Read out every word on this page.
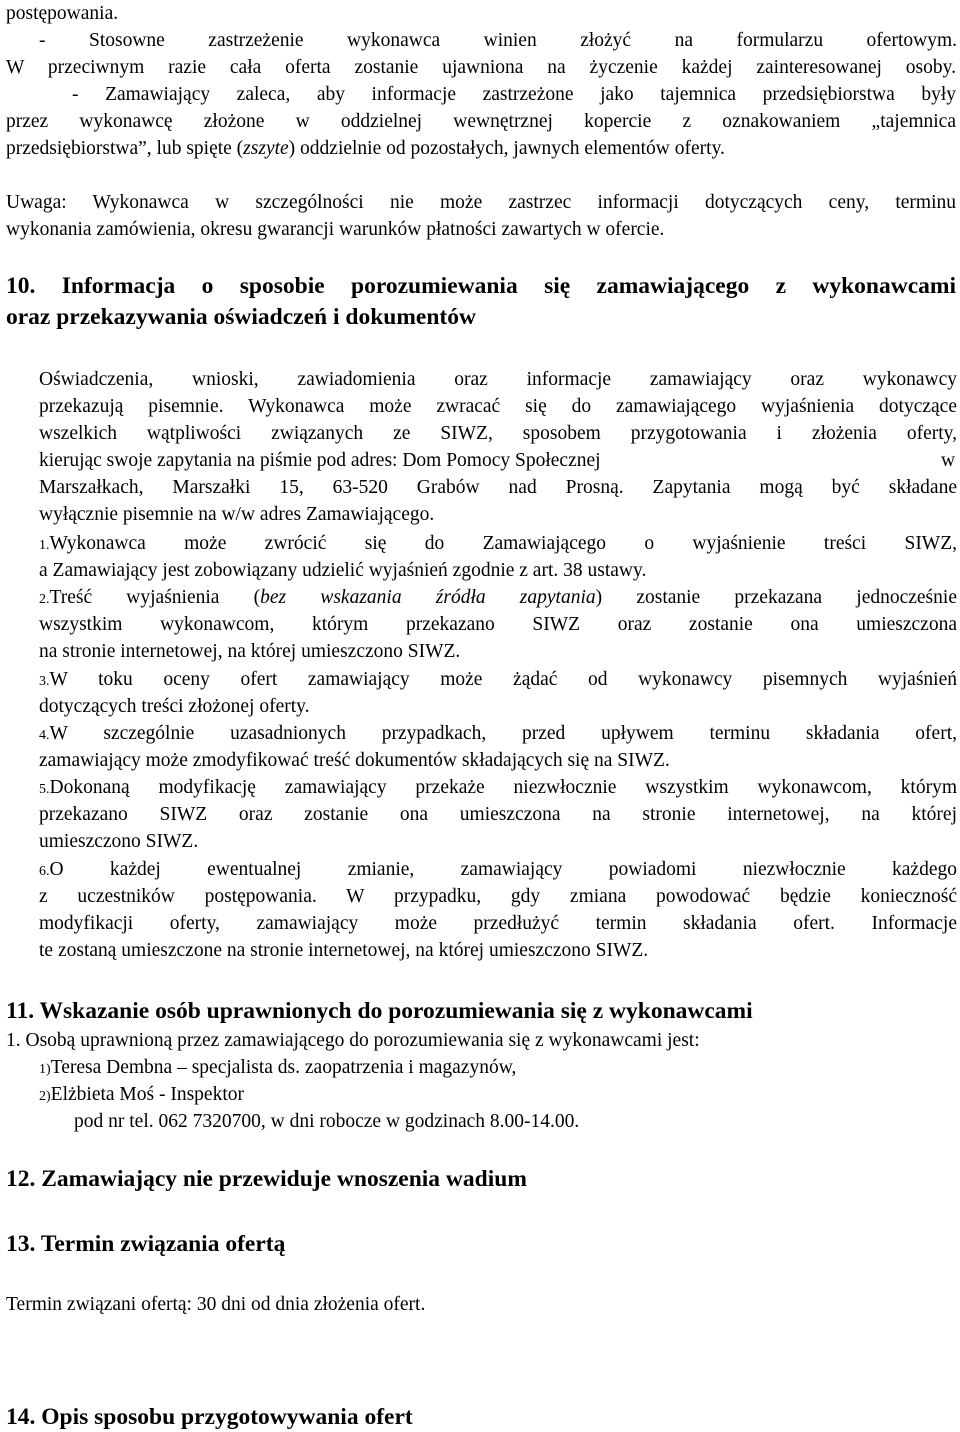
postępowania.
- Stosowne zastrzeżenie wykonawca winien złożyć na formularzu ofertowym.
W przeciwnym razie cała oferta zostanie ujawniona na życzenie każdej zainteresowanej osoby.
- Zamawiający zaleca, aby informacje zastrzeżone jako tajemnica przedsiębiorstwa były
przez wykonawcę złożone w oddzielnej wewnętrznej kopercie z oznakowaniem „tajemnica
przedsiębiorstwa”, lub spięte (zszyte) oddzielnie od pozostałych, jawnych elementów oferty.
Uwaga: Wykonawca w szczególności nie może zastrzec informacji dotyczących ceny, terminu
wykonania zamówienia, okresu gwarancji warunków płatności zawartych w ofercie.
10. Informacja o sposobie porozumiewania się zamawiającego z wykonawcami
oraz przekazywania oświadczeń i dokumentów
Oświadczenia, wnioski, zawiadomienia oraz informacje zamawiający oraz wykonawcy
przekazują pisemnie. Wykonawca może zwracać się do zamawiającego wyjaśnienia dotyczące
wszelkich wątpliwości związanych ze SIWZ, sposobem przygotowania i złożenia oferty,
kierując swoje zapytania na piśmie pod adres: Dom Pomocy Społecznej	w
Marszałkach, Marszałki 15, 63-520 Grabów nad Prosną. Zapytania mogą być składane
wyłącznie pisemnie na w/w adres Zamawiającego.
1.Wykonawca może zwrócić się do Zamawiającego o wyjaśnienie treści SIWZ,
a Zamawiający jest zobowiązany udzielić wyjaśnień zgodnie z art. 38 ustawy.
2.Treść wyjaśnienia (bez wskazania źródła zapytania) zostanie przekazana jednocześnie
wszystkim wykonawcom, którym przekazano SIWZ oraz zostanie ona umieszczona
na stronie internetowej, na której umieszczono SIWZ.
3.W toku oceny ofert zamawiający może żądać od wykonawcy pisemnych wyjaśnień
dotyczących treści złożonej oferty.
4.W szczególnie uzasadnionych przypadkach, przed upływem terminu składania ofert,
zamawiający może zmodyfikować treść dokumentów składających się na SIWZ.
5.Dokonaną modyfikację zamawiający przekaże niezwłocznie wszystkim wykonawcom, którym
przekazano SIWZ oraz zostanie ona umieszczona na stronie internetowej, na której
umieszczono SIWZ.
6.O każdej ewentualnej zmianie, zamawiający powiadomi niezwłocznie każdego
z uczestników postępowania. W przypadku, gdy zmiana powodować będzie konieczność
modyfikacji oferty, zamawiający może przedłużyć termin składania ofert. Informacje
te zostaną umieszczone na stronie internetowej, na której umieszczono SIWZ.
11. Wskazanie osób uprawnionych do porozumiewania się z wykonawcami
1. Osobą uprawnioną przez zamawiającego do porozumiewania się z wykonawcami jest:
1)Teresa Dembna – specjalista ds. zaopatrzenia i magazynów,
2)Elżbieta Moś - Inspektor
pod nr tel. 062 7320700, w dni robocze w godzinach 8.00-14.00.
12. Zamawiający nie przewiduje wnoszenia wadium
13. Termin związania ofertą
Termin związani ofertą: 30 dni od dnia złożenia ofert.
14. Opis sposobu przygotowywania ofert
